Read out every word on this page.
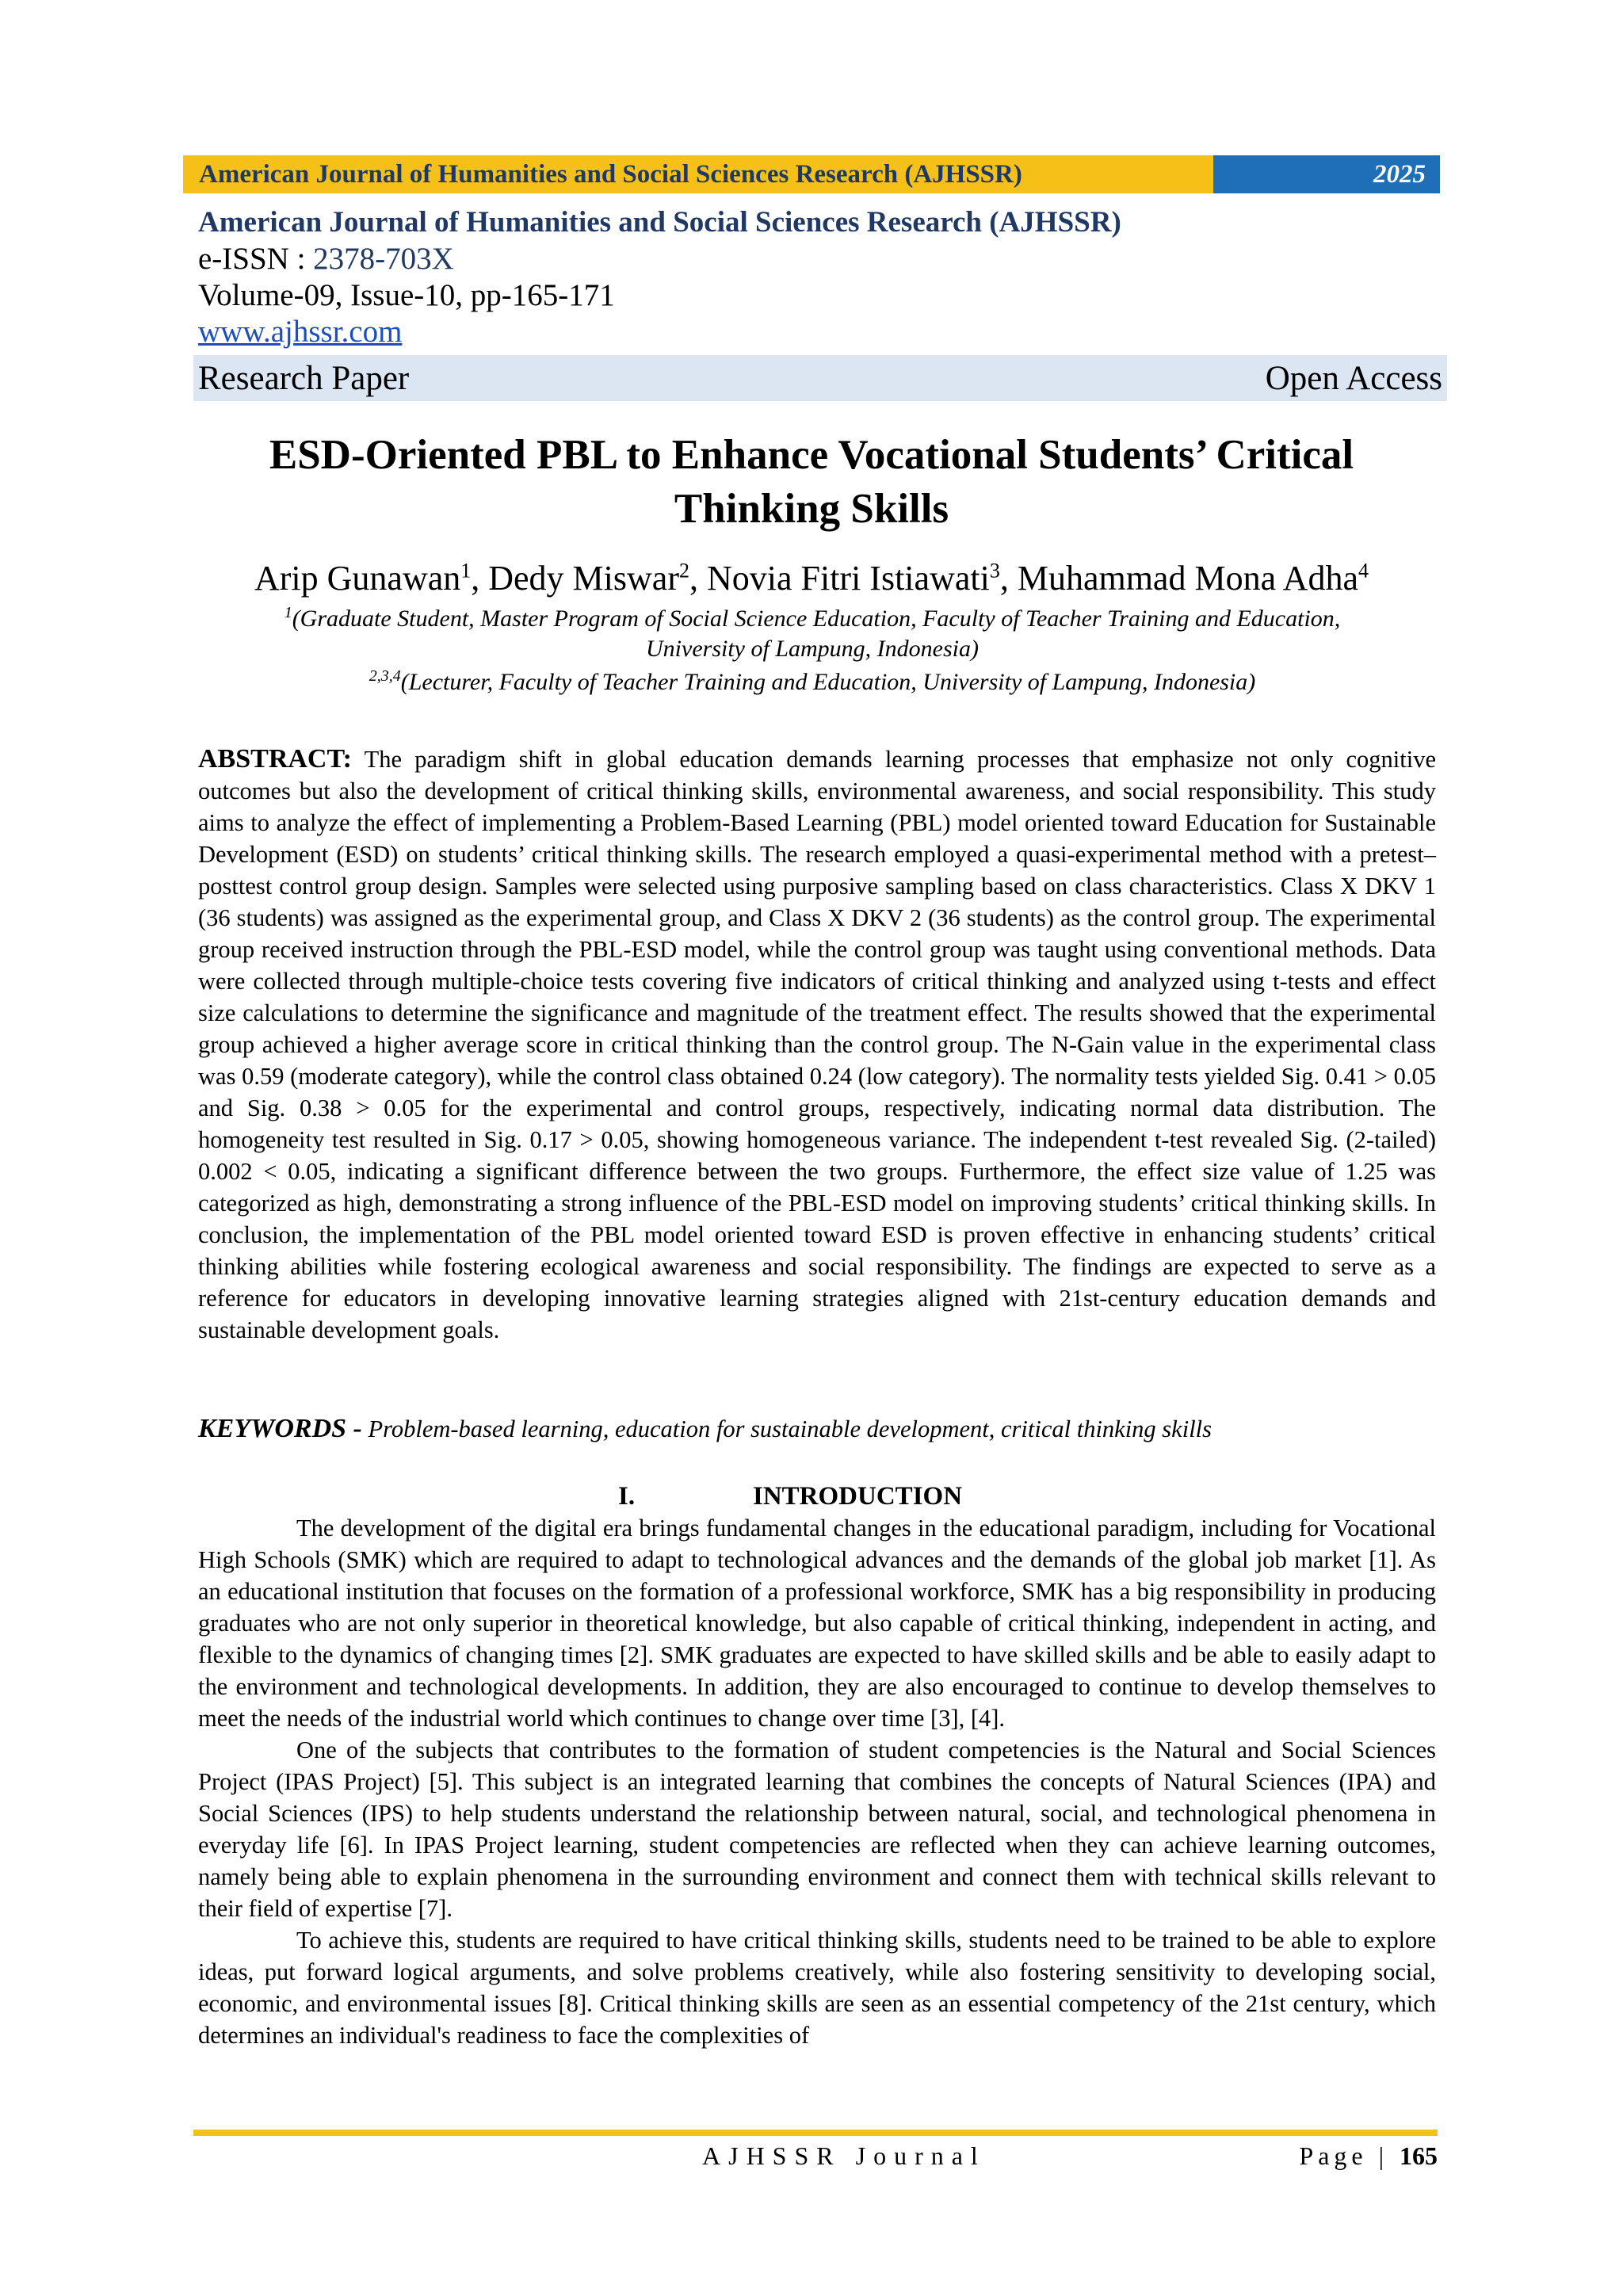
American Journal of Humanities and Social Sciences Research (AJHSSR)	2025
American Journal of Humanities and Social Sciences Research (AJHSSR)
e-ISSN : 2378-703X
Volume-09, Issue-10, pp-165-171
www.ajhssr.com
Research Paper	Open Access
ESD-Oriented PBL to Enhance Vocational Students’ Critical
Thinking Skills
Arip Gunawan$^1$, Dedy Miswar$^2$, Novia Fitri Istiawati$^3$, Muhammad Mona Adha$^4$
$^1$(Graduate Student, Master Program of Social Science Education, Faculty of Teacher Training and Education,
University of Lampung, Indonesia)
$^{2,3,4}$(Lecturer, Faculty of Teacher Training and Education, University of Lampung, Indonesia)
ABSTRACT: The paradigm shift in global education demands learning processes that emphasize not only cognitive outcomes but also the development of critical thinking skills, environmental awareness, and social responsibility. This study aims to analyze the effect of implementing a Problem-Based Learning (PBL) model oriented toward Education for Sustainable Development (ESD) on students’ critical thinking skills. The research employed a quasi-experimental method with a pretest–posttest control group design. Samples were selected using purposive sampling based on class characteristics. Class X DKV 1 (36 students) was assigned as the experimental group, and Class X DKV 2 (36 students) as the control group. The experimental group received instruction through the PBL-ESD model, while the control group was taught using conventional methods. Data were collected through multiple-choice tests covering five indicators of critical thinking and analyzed using t-tests and effect size calculations to determine the significance and magnitude of the treatment effect. The results showed that the experimental group achieved a higher average score in critical thinking than the control group. The N-Gain value in the experimental class was 0.59 (moderate category), while the control class obtained 0.24 (low category). The normality tests yielded Sig. 0.41 > 0.05 and Sig. 0.38 > 0.05 for the experimental and control groups, respectively, indicating normal data distribution. The homogeneity test resulted in Sig. 0.17 > 0.05, showing homogeneous variance. The independent t-test revealed Sig. (2-tailed) 0.002 < 0.05, indicating a significant difference between the two groups. Furthermore, the effect size value of 1.25 was categorized as high, demonstrating a strong influence of the PBL-ESD model on improving students’ critical thinking skills. In conclusion, the implementation of the PBL model oriented toward ESD is proven effective in enhancing students’ critical thinking abilities while fostering ecological awareness and social responsibility. The findings are expected to serve as a reference for educators in developing innovative learning strategies aligned with 21st-century education demands and sustainable development goals.
KEYWORDS - Problem-based learning, education for sustainable development, critical thinking skills
I.	INTRODUCTION

The development of the digital era brings fundamental changes in the educational paradigm, including for Vocational High Schools (SMK) which are required to adapt to technological advances and the demands of the global job market [1]. As an educational institution that focuses on the formation of a professional workforce, SMK has a big responsibility in producing graduates who are not only superior in theoretical knowledge, but also capable of critical thinking, independent in acting, and flexible to the dynamics of changing times [2]. SMK graduates are expected to have skilled skills and be able to easily adapt to the environment and technological developments. In addition, they are also encouraged to continue to develop themselves to meet the needs of the industrial world which continues to change over time [3], [4].

One of the subjects that contributes to the formation of student competencies is the Natural and Social Sciences Project (IPAS Project) [5]. This subject is an integrated learning that combines the concepts of Natural Sciences (IPA) and Social Sciences (IPS) to help students understand the relationship between natural, social, and technological phenomena in everyday life [6]. In IPAS Project learning, student competencies are reflected when they can achieve learning outcomes, namely being able to explain phenomena in the surrounding environment and connect them with technical skills relevant to their field of expertise [7].

To achieve this, students are required to have critical thinking skills, students need to be trained to be able to explore ideas, put forward logical arguments, and solve problems creatively, while also fostering sensitivity to developing social, economic, and environmental issues [8]. Critical thinking skills are seen as an essential competency of the 21st century, which determines an individual's readiness to face the complexities of

AJHSSR Journal	Page | 165
